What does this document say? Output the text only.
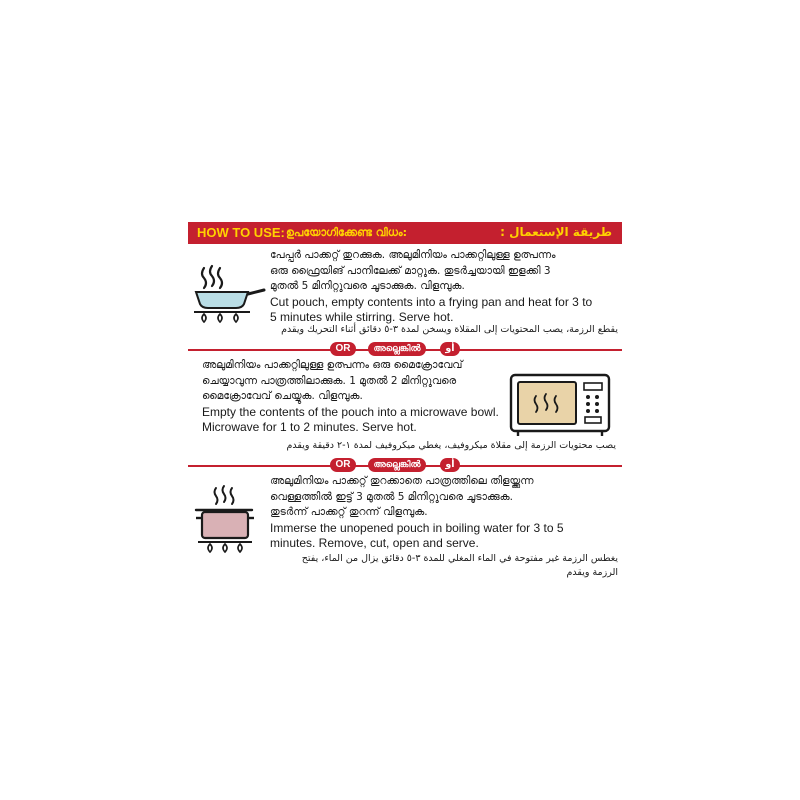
HOW TO USE: ഉപയോഗിക്കേണ്ട വിധം:	طريقة الإستعمال :
പേപ്പർ പാക്കറ്റ് തുറക്കുക. അലുമിനിയം പാക്കറ്റിലുള്ള ഉത്പന്നം
ഒരു ഫ്രൈയിങ് പാനിലേക്ക് മാറ്റുക. തുടർച്ചയായി ഇളക്കി 3
മുതൽ 5 മിനിറ്റുവരെ ചൂടാക്കുക. വിളമ്പുക.
Cut pouch, empty contents into a frying pan and heat for 3 to
5 minutes while stirring. Serve hot.
يقطع الرزمة، يصب المحتويات إلى المقلاة ويسخن لمدة ٣-٥ دقائق أثناء التحريك ويقدم
OR	അല്ലെങ്കിൽ	أو
അലുമിനിയം പാക്കറ്റിലുള്ള ഉത്പന്നം ഒരു മൈക്രോവേവ്
ചെയ്യാവുന്ന പാത്രത്തിലാക്കുക. 1 മുതൽ 2 മിനിറ്റുവരെ
മൈക്രോവേവ് ചെയ്യുക. വിളമ്പുക.
Empty the contents of the pouch into a microwave bowl.
Microwave for 1 to 2 minutes. Serve hot.
يصب محتويات الرزمة إلى مقلاة ميكروفيف، يغطي ميكروفيف لمدة ١-٢ دقيقة ويقدم
OR	അല്ലെങ്കിൽ	أو
അലുമിനിയം പാക്കറ്റ് തുറക്കാതെ പാത്രത്തിലെ തിളയ്ക്കുന്ന
വെള്ളത്തിൽ ഇട്ട് 3 മുതൽ 5 മിനിറ്റുവരെ ചൂടാക്കുക.
തുടർന്ന് പാക്കറ്റ് തുറന്ന് വിളമ്പുക.
Immerse the unopened pouch in boiling water for 3 to 5
minutes. Remove, cut, open and serve.
يغطس الرزمة غير مفتوحة في الماء المغلي للمدة ٣-٥ دقائق يزال من الماء، يفتح الرزمة ويقدم
